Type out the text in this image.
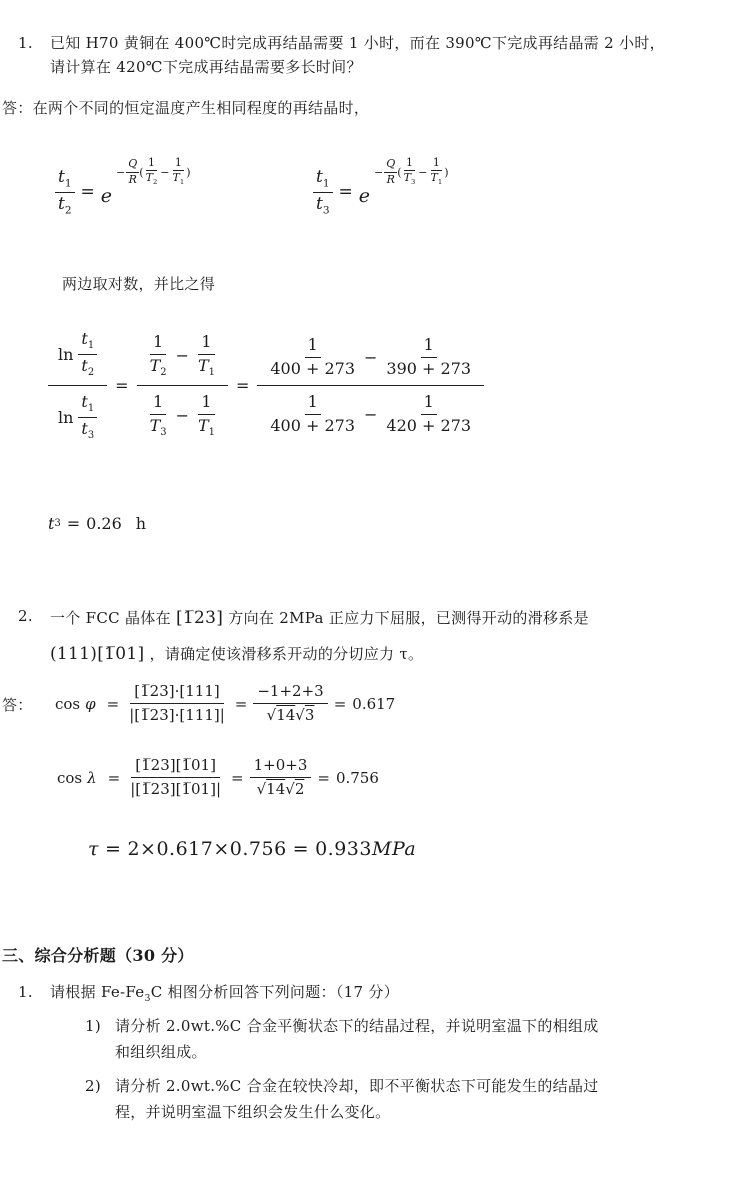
1. 已知 H70 黄铜在 400℃时完成再结晶需要 1 小时，而在 390℃下完成再结晶需 2 小时，
请计算在 420℃下完成再结晶需要多长时间？
答：在两个不同的恒定温度产生相同程度的再结晶时，
$\frac{t_1}{t_2} = e$
− $\frac{Q}{R}$ (
1
$T_2$
− $\frac{1}{T_1}$ )	$\frac{t_1}{t_3} = e$
− $\frac{Q}{R}$ (
1
$T_3$
− $\frac{1}{T_1}$ )
两边取对数，并比之得
ln
$t_1$
$t_2$
ln
$t_1$
$t_3$ =
1
$T_2$
− $\frac{1}{T_1}$
1
$T_3$
− $\frac{1}{T_1}$
=
1
400 + 273
− $\frac{1}{390 + 273}$
1
400 + 273
− $\frac{1}{420 + 273}$
t 3 = 0.26 h
2. 一个 FCC 晶体在 [1̅23] 方向在 2MPa 正应力下屈服，已测得开动的滑移系是
(111)[1̅01] ，请确定使该滑移系开动的分切应力 τ。
答： $\cos \varphi = \frac{[1̅23]\cdot[111]}{|[1̅23]\cdot[111]|} = \frac{-1+2+3}{√14√3} = 0.617$
$\cos \lambda = \frac{[1̅23][1̅01]}{|[1̅23][1̅01]|} = \frac{1+0+3}{√14√2} = 0.756$
τ = 2×0.617×0.756 = 0.933 MPa
三、综合分析题（30 分）
1. 请根据 $Fe-Fe_3C$ 相图分析回答下列问题：（17 分）
1) 请分析 2.0wt.%C 合金平衡状态下的结晶过程，并说明室温下的相组成
和组织组成。
2) 请分析 2.0wt.%C 合金在较快冷却，即不平衡状态下可能发生的结晶过
程，并说明室温下组织会发生什么变化。
